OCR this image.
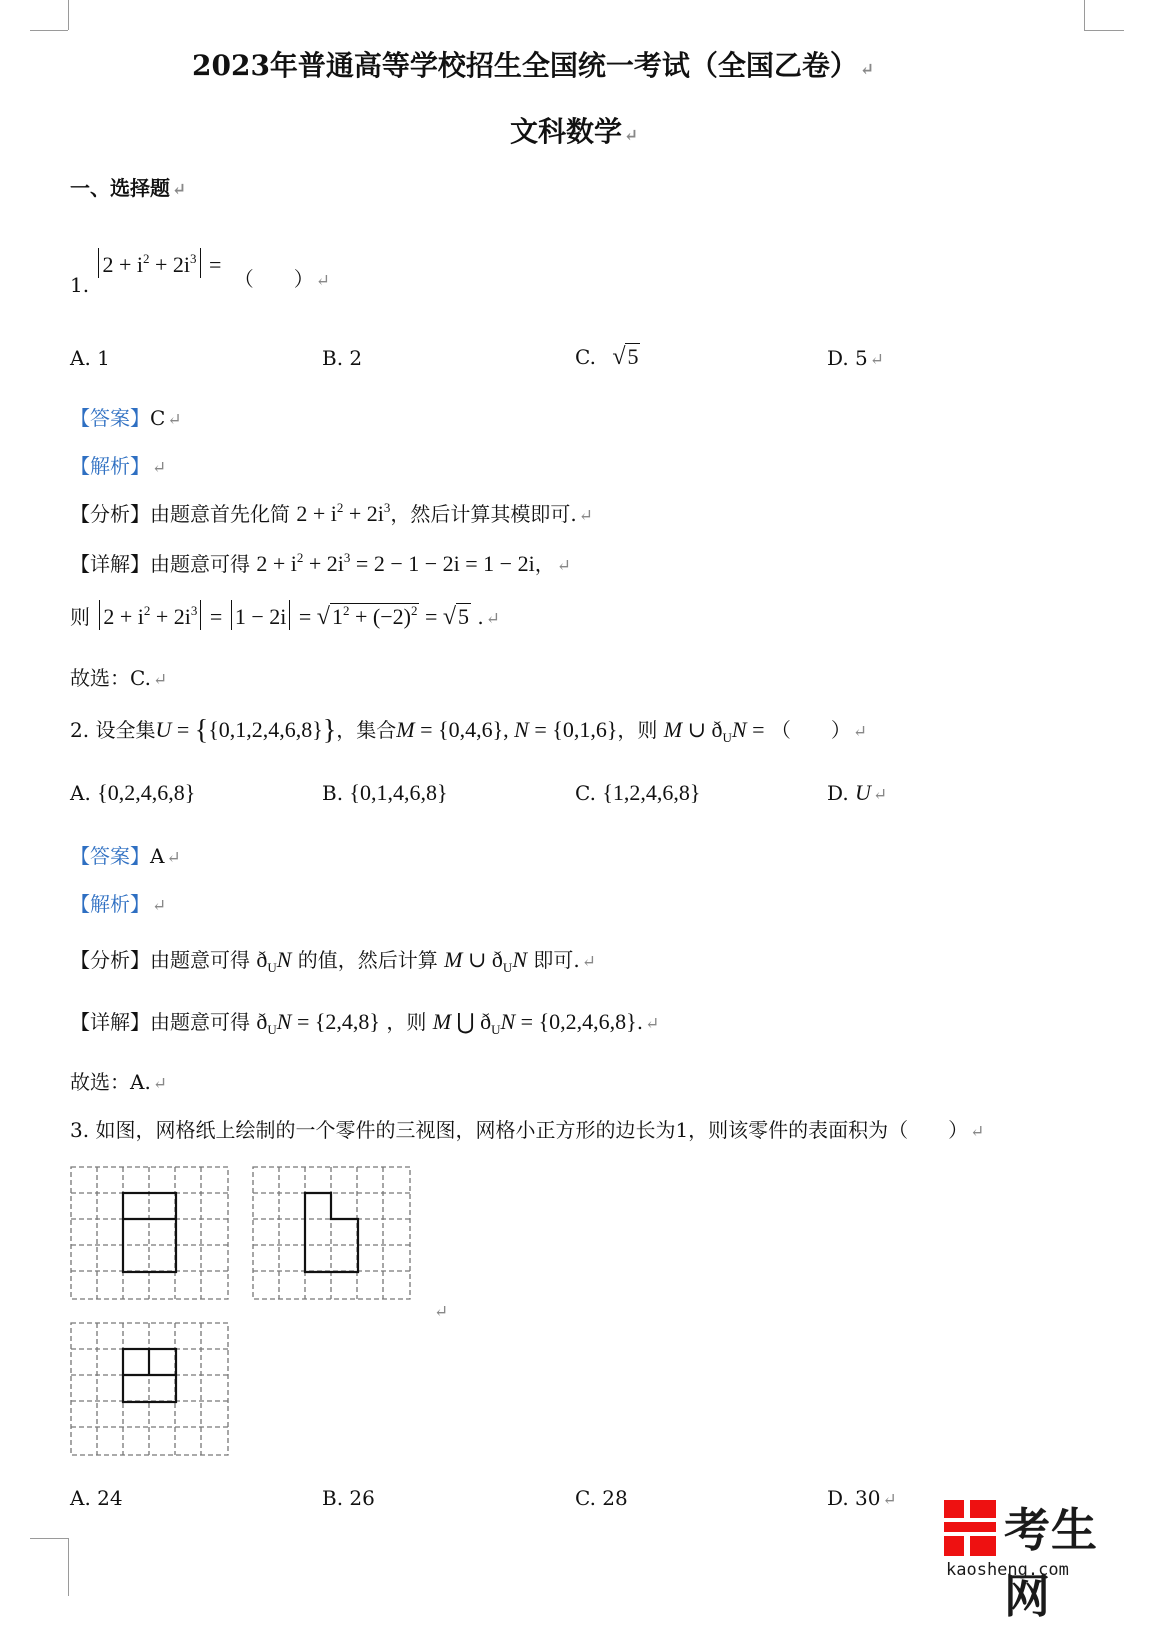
2023年普通高等学校招生全国统一考试（全国乙卷） ↵
文科数学 ↵
一、选择题 ↵
1. $2 + i^2 + 2i^3$ = （　　） $_↵$
A. 1	B. 2	C. √5	D. 5 ↵
【答案】C ↵
【解析】 ↵
【分析】由题意首先化简 $2 + i^2 + 2i^3$，然后计算其模即可. ↵
【详解】由题意可得 $2 + i^2 + 2i^3 = 2 - 1 - 2i = 1 - 2i$， ↵
则 $2 + i^2 + 2i^3 = 1 - 2i = √1^2 + (-2)^2 = √5$ . ↵
故选：C. ↵
2. 设全集U = {{0,1,2,4,6,8}}，集合M = {0,4,6}, N = {0,1,6}，则 M ∪ $ð_UN$ = （　　） ↵
A. {0,2,4,6,8}	B. {0,1,4,6,8}	C. {1,2,4,6,8}	D. U ↵
【答案】A ↵
【解析】 ↵
【分析】由题意可得 $ð_UN$ 的值，然后计算 M ∪ $ð_UN$ 即可. ↵
【详解】由题意可得 $ð_UN = \{2,4,8\}$ ，则 M ⋃ $ð_UN = \{0,2,4,6,8\}$. ↵
故选：A. ↵
3. 如图，网格纸上绘制的一个零件的三视图，网格小正方形的边长为1，则该零件的表面积为（　　） ↵
↵
A. 24	B. 26	C. 28	D. 30 ↵
考生网
kaosheng.com
